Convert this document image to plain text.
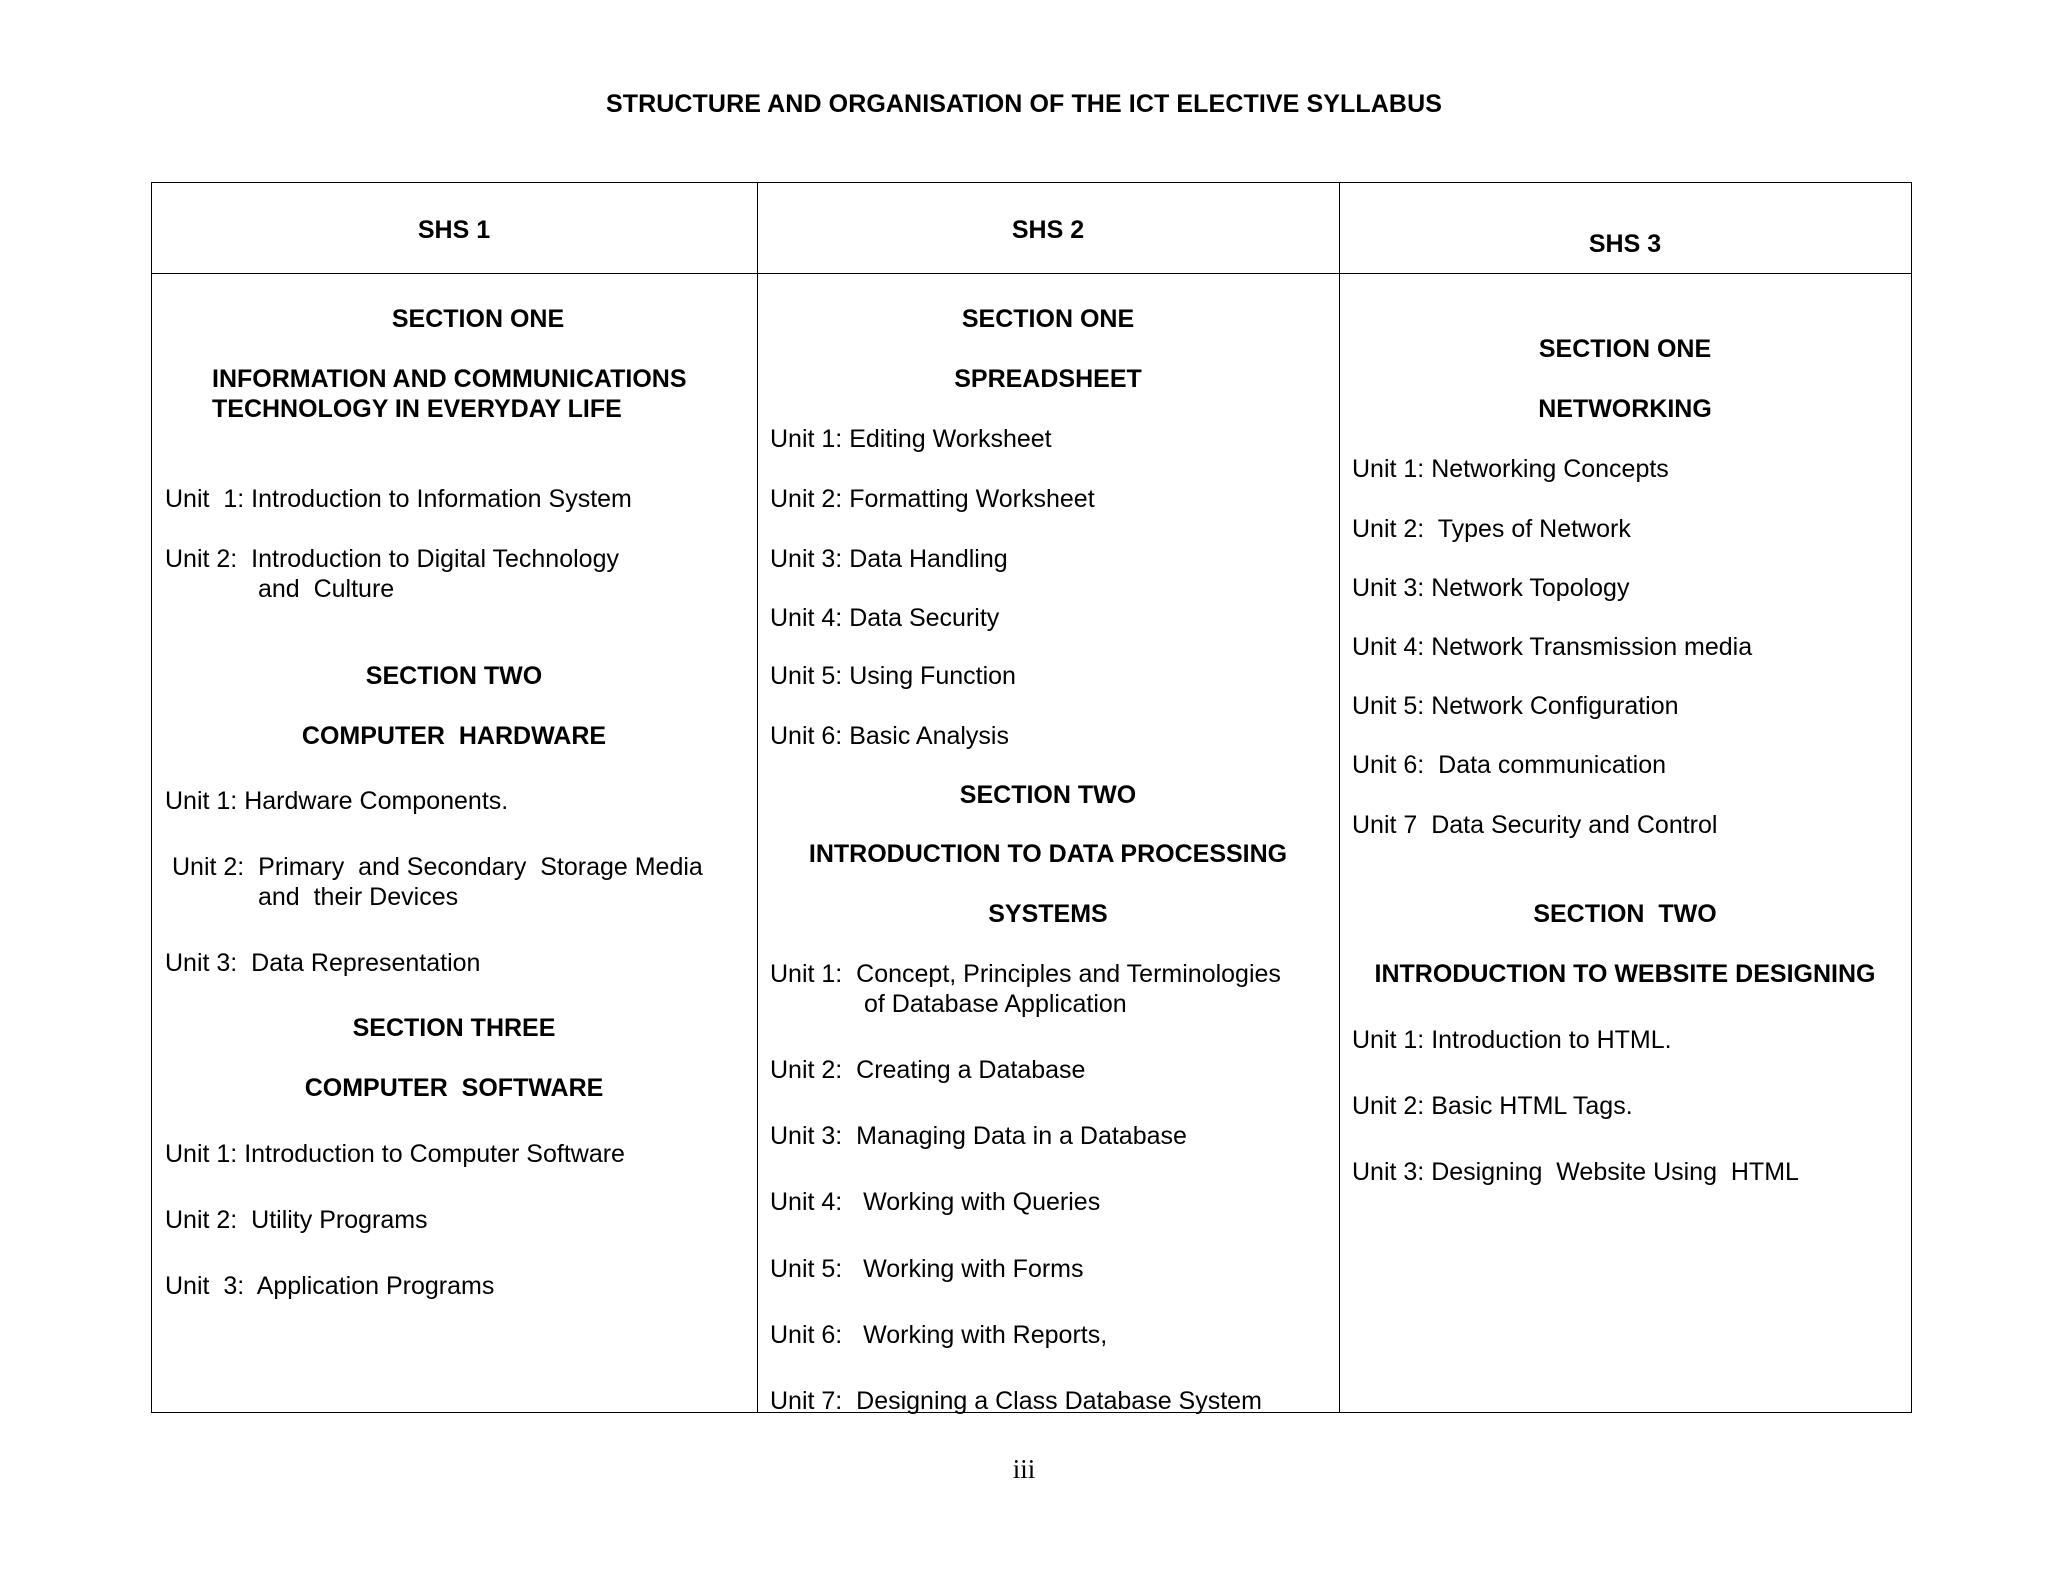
STRUCTURE AND ORGANISATION OF THE ICT ELECTIVE SYLLABUS
SHS 1	SHS 2	SHS 3
SECTION ONE
INFORMATION AND COMMUNICATIONS
TECHNOLOGY IN EVERYDAY LIFE
Unit  1: Introduction to Information System
Unit 2:  Introduction to Digital Technology
and  Culture
SECTION TWO
COMPUTER  HARDWARE
Unit 1: Hardware Components.
Unit 2:  Primary  and Secondary  Storage Media
and  their Devices
Unit 3:  Data Representation
SECTION THREE
COMPUTER  SOFTWARE
Unit 1: Introduction to Computer Software
Unit 2:  Utility Programs
Unit  3:  Application Programs
SECTION ONE
SPREADSHEET
Unit 1: Editing Worksheet
Unit 2: Formatting Worksheet
Unit 3: Data Handling
Unit 4: Data Security
Unit 5: Using Function
Unit 6: Basic Analysis
SECTION TWO
INTRODUCTION TO DATA PROCESSING
SYSTEMS
Unit 1:  Concept, Principles and Terminologies
of Database Application
Unit 2:  Creating a Database
Unit 3:  Managing Data in a Database
Unit 4:   Working with Queries
Unit 5:   Working with Forms
Unit 6:   Working with Reports,
Unit 7:  Designing a Class Database System
SECTION ONE
NETWORKING
Unit 1: Networking Concepts
Unit 2:  Types of Network
Unit 3: Network Topology
Unit 4: Network Transmission media
Unit 5: Network Configuration
Unit 6:  Data communication
Unit 7  Data Security and Control
SECTION  TWO
INTRODUCTION TO WEBSITE DESIGNING
Unit 1: Introduction to HTML.
Unit 2: Basic HTML Tags.
Unit 3: Designing  Website Using  HTML
iii
